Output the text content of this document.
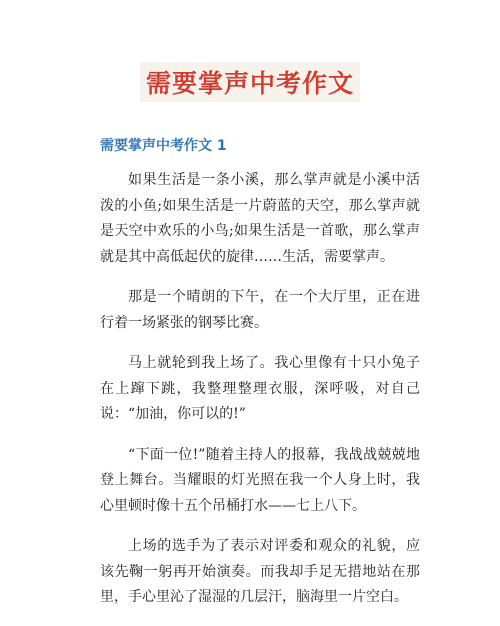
需要掌声中考作文
需要掌声中考作文 1

如果生活是一条小溪，那么掌声就是小溪中活泼的小鱼;如果生活是一片蔚蓝的天空，那么掌声就是天空中欢乐的小鸟;如果生活是一首歌，那么掌声就是其中高低起伏的旋律……生活，需要掌声。

那是一个晴朗的下午，在一个大厅里，正在进行着一场紧张的钢琴比赛。

马上就轮到我上场了。我心里像有十只小兔子在上蹿下跳，我整理整理衣服，深呼吸，对自己说：“加油，你可以的!”

“下面一位!”随着主持人的报幕，我战战兢兢地登上舞台。当耀眼的灯光照在我一个人身上时，我心里顿时像十五个吊桶打水——七上八下。

上场的选手为了表示对评委和观众的礼貌，应该先鞠一躬再开始演奏。而我却手足无措地站在那里，手心里沁了湿湿的几层汗，脑海里一片空白。
